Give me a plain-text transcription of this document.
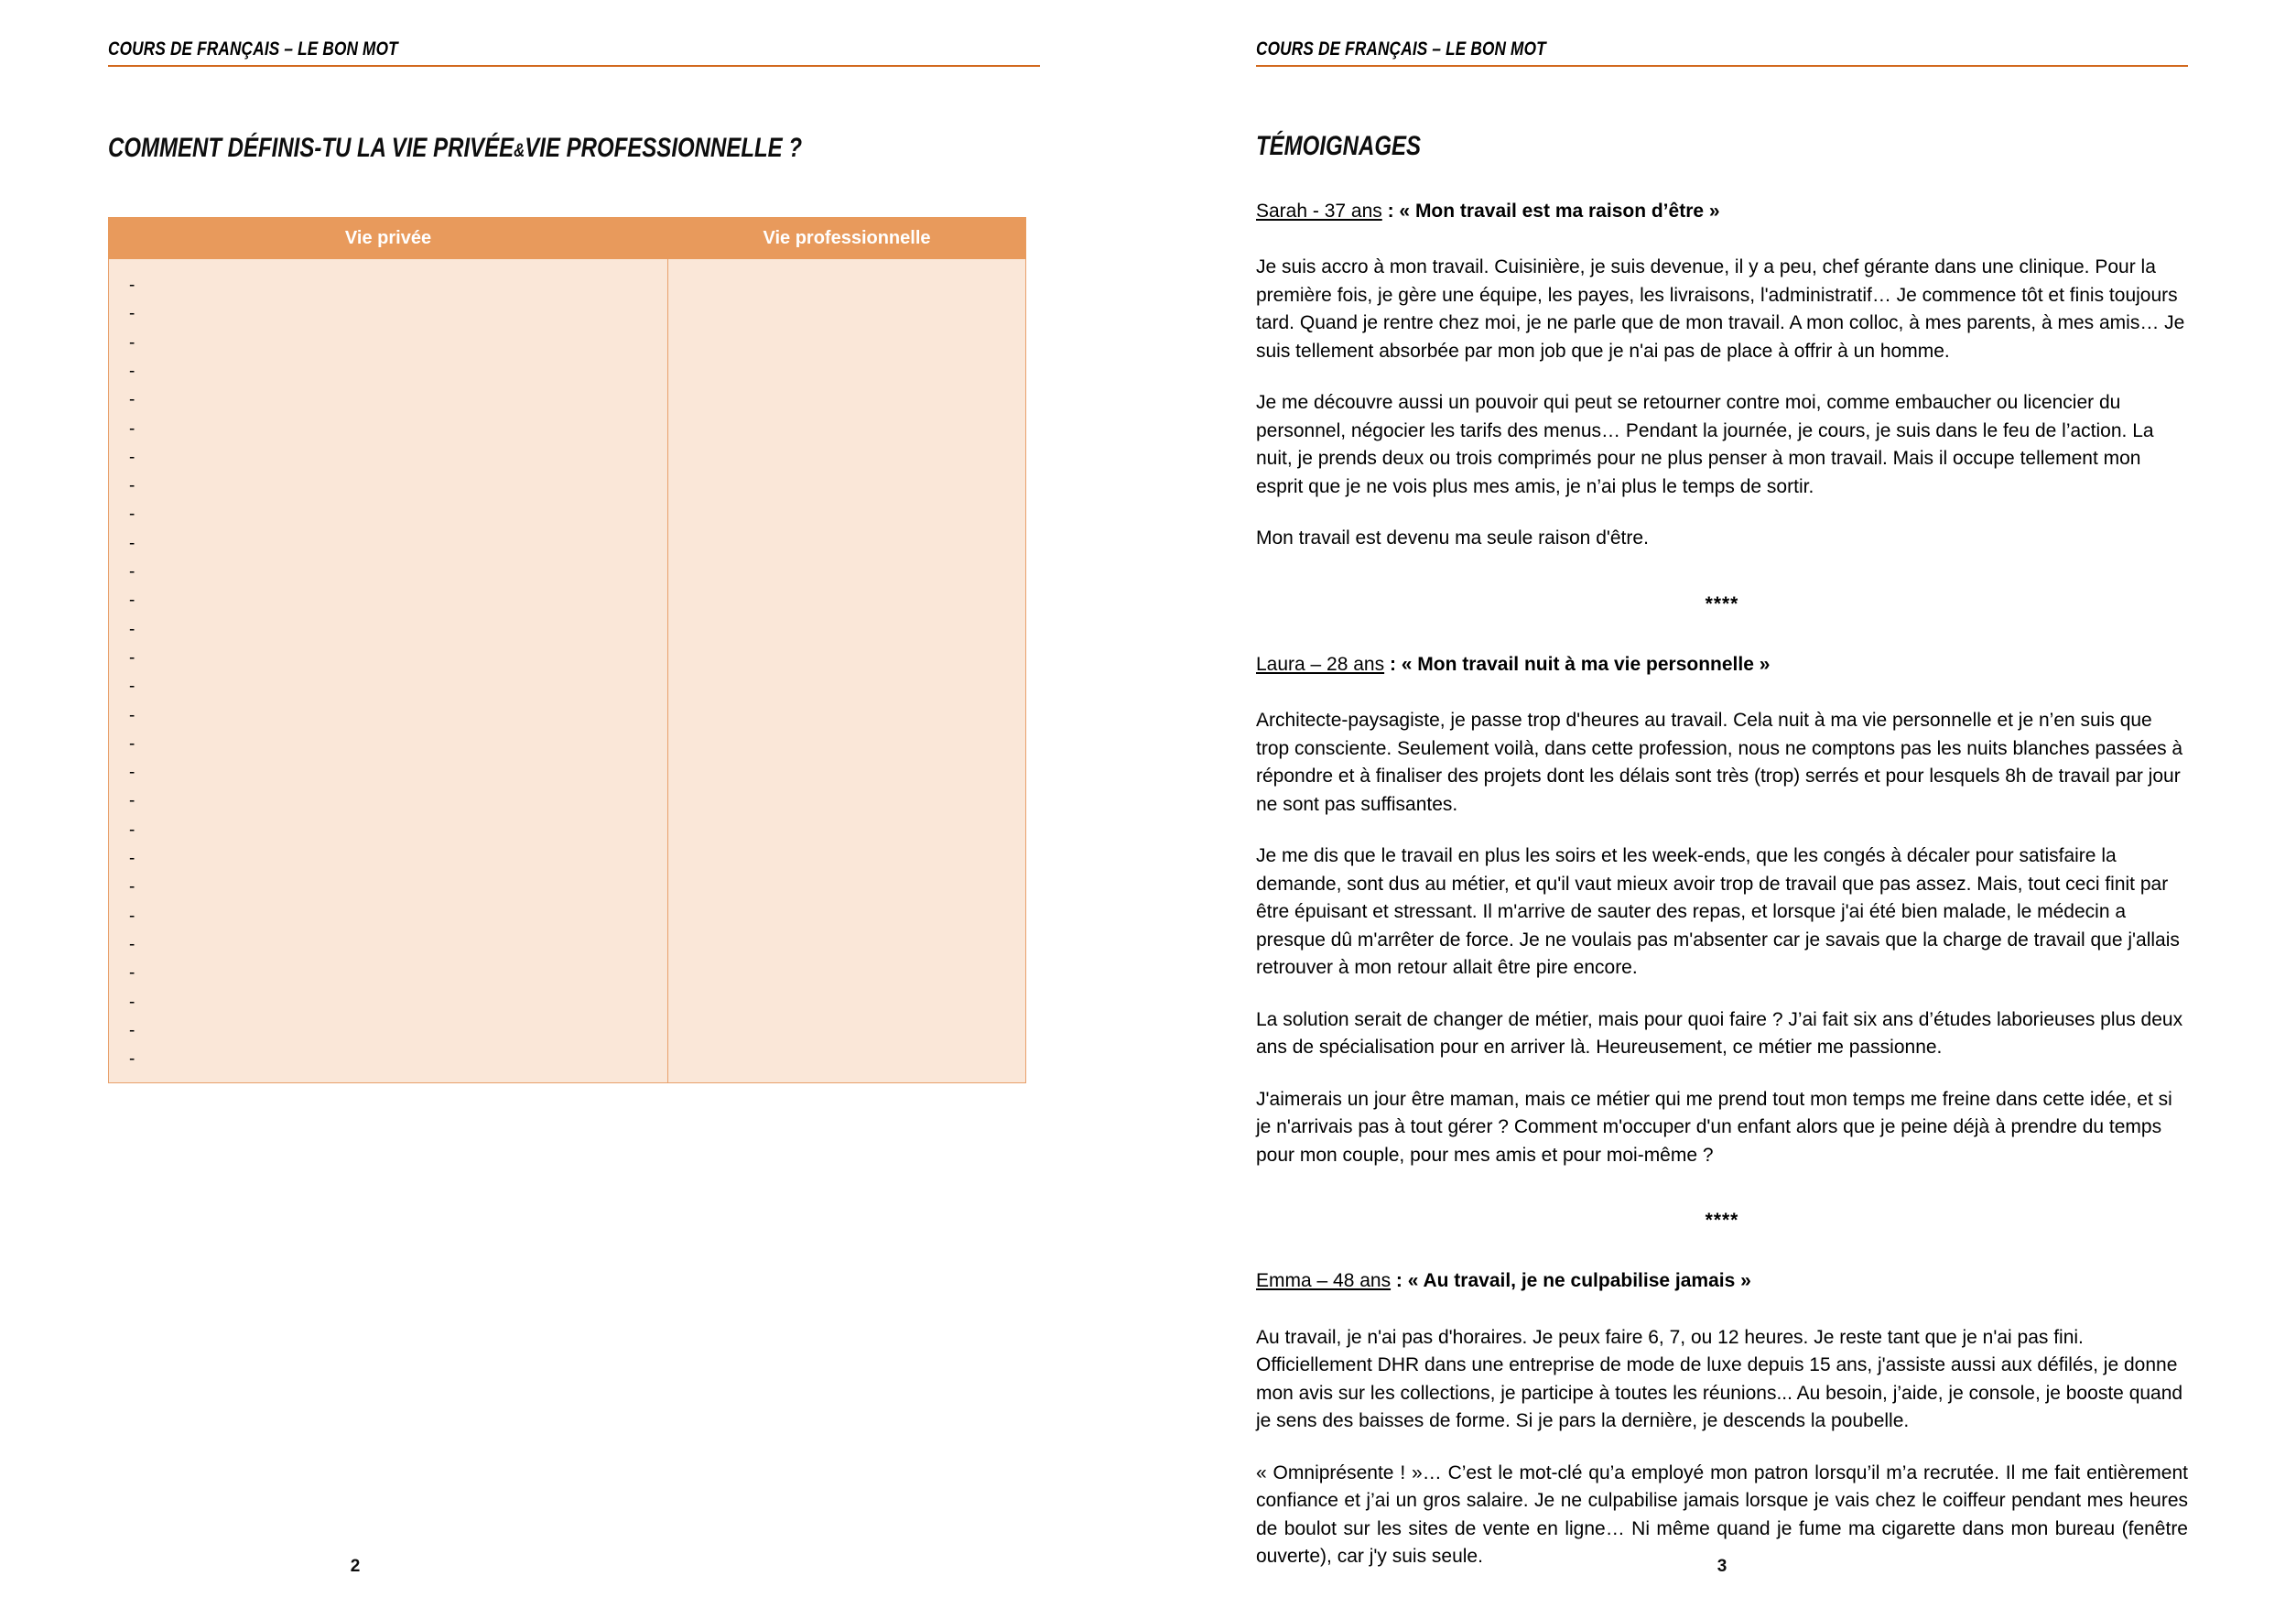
COURS DE FRANÇAIS – LE BON MOT
COMMENT DÉFINIS-TU LA VIE PRIVÉE&VIE PROFESSIONNELLE ?
Vie privée	Vie professionnelle

-
-
-
-
-
-
-
-
-
-
-
-
-
-
-
-
-
-
-
-
-
-
-
-
-
-
-
-

2
COURS DE FRANÇAIS – LE BON MOT
TÉMOIGNAGES
Sarah - 37 ans : « Mon travail est ma raison d’être »

Je suis accro à mon travail. Cuisinière, je suis devenue, il y a peu, chef gérante dans une clinique. Pour la première fois, je gère une équipe, les payes, les livraisons, l'administratif… Je commence tôt et finis toujours tard. Quand je rentre chez moi, je ne parle que de mon travail. A mon colloc, à mes parents, à mes amis… Je suis tellement absorbée par mon job que je n'ai pas de place à offrir à un homme.

Je me découvre aussi un pouvoir qui peut se retourner contre moi, comme embaucher ou licencier du personnel, négocier les tarifs des menus… Pendant la journée, je cours, je suis dans le feu de l’action. La nuit, je prends deux ou trois comprimés pour ne plus penser à mon travail. Mais il occupe tellement mon esprit que je ne vois plus mes amis, je n’ai plus le temps de sortir.

Mon travail est devenu ma seule raison d'être.

****
Laura – 28 ans : « Mon travail nuit à ma vie personnelle »

Architecte-paysagiste, je passe trop d'heures au travail. Cela nuit à ma vie personnelle et je n’en suis que trop consciente. Seulement voilà, dans cette profession, nous ne comptons pas les nuits blanches passées à répondre et à finaliser des projets dont les délais sont très (trop) serrés et pour lesquels 8h de travail par jour ne sont pas suffisantes.

Je me dis que le travail en plus les soirs et les week-ends, que les congés à décaler pour satisfaire la demande, sont dus au métier, et qu'il vaut mieux avoir trop de travail que pas assez. Mais, tout ceci finit par être épuisant et stressant. Il m'arrive de sauter des repas, et lorsque j'ai été bien malade, le médecin a presque dû m'arrêter de force. Je ne voulais pas m'absenter car je savais que la charge de travail que j'allais retrouver à mon retour allait être pire encore.

La solution serait de changer de métier, mais pour quoi faire ? J’ai fait six ans d’études laborieuses plus deux ans de spécialisation pour en arriver là. Heureusement, ce métier me passionne.

J'aimerais un jour être maman, mais ce métier qui me prend tout mon temps me freine dans cette idée, et si je n'arrivais pas à tout gérer ? Comment m'occuper d'un enfant alors que je peine déjà à prendre du temps pour mon couple, pour mes amis et pour moi-même ?

****
Emma – 48 ans : « Au travail, je ne culpabilise jamais »

Au travail, je n'ai pas d'horaires. Je peux faire 6, 7, ou 12 heures. Je reste tant que je n'ai pas fini. Officiellement DHR dans une entreprise de mode de luxe depuis 15 ans, j'assiste aussi aux défilés, je donne mon avis sur les collections, je participe à toutes les réunions... Au besoin, j’aide, je console, je booste quand je sens des baisses de forme. Si je pars la dernière, je descends la poubelle.

« Omniprésente ! »… C’est le mot-clé qu’a employé mon patron lorsqu’il m’a recrutée. Il me fait entièrement confiance et j’ai un gros salaire. Je ne culpabilise jamais lorsque je vais chez le coiffeur pendant mes heures de boulot sur les sites de vente en ligne… Ni même quand je fume ma cigarette dans mon bureau (fenêtre ouverte), car j'y suis seule.	3
